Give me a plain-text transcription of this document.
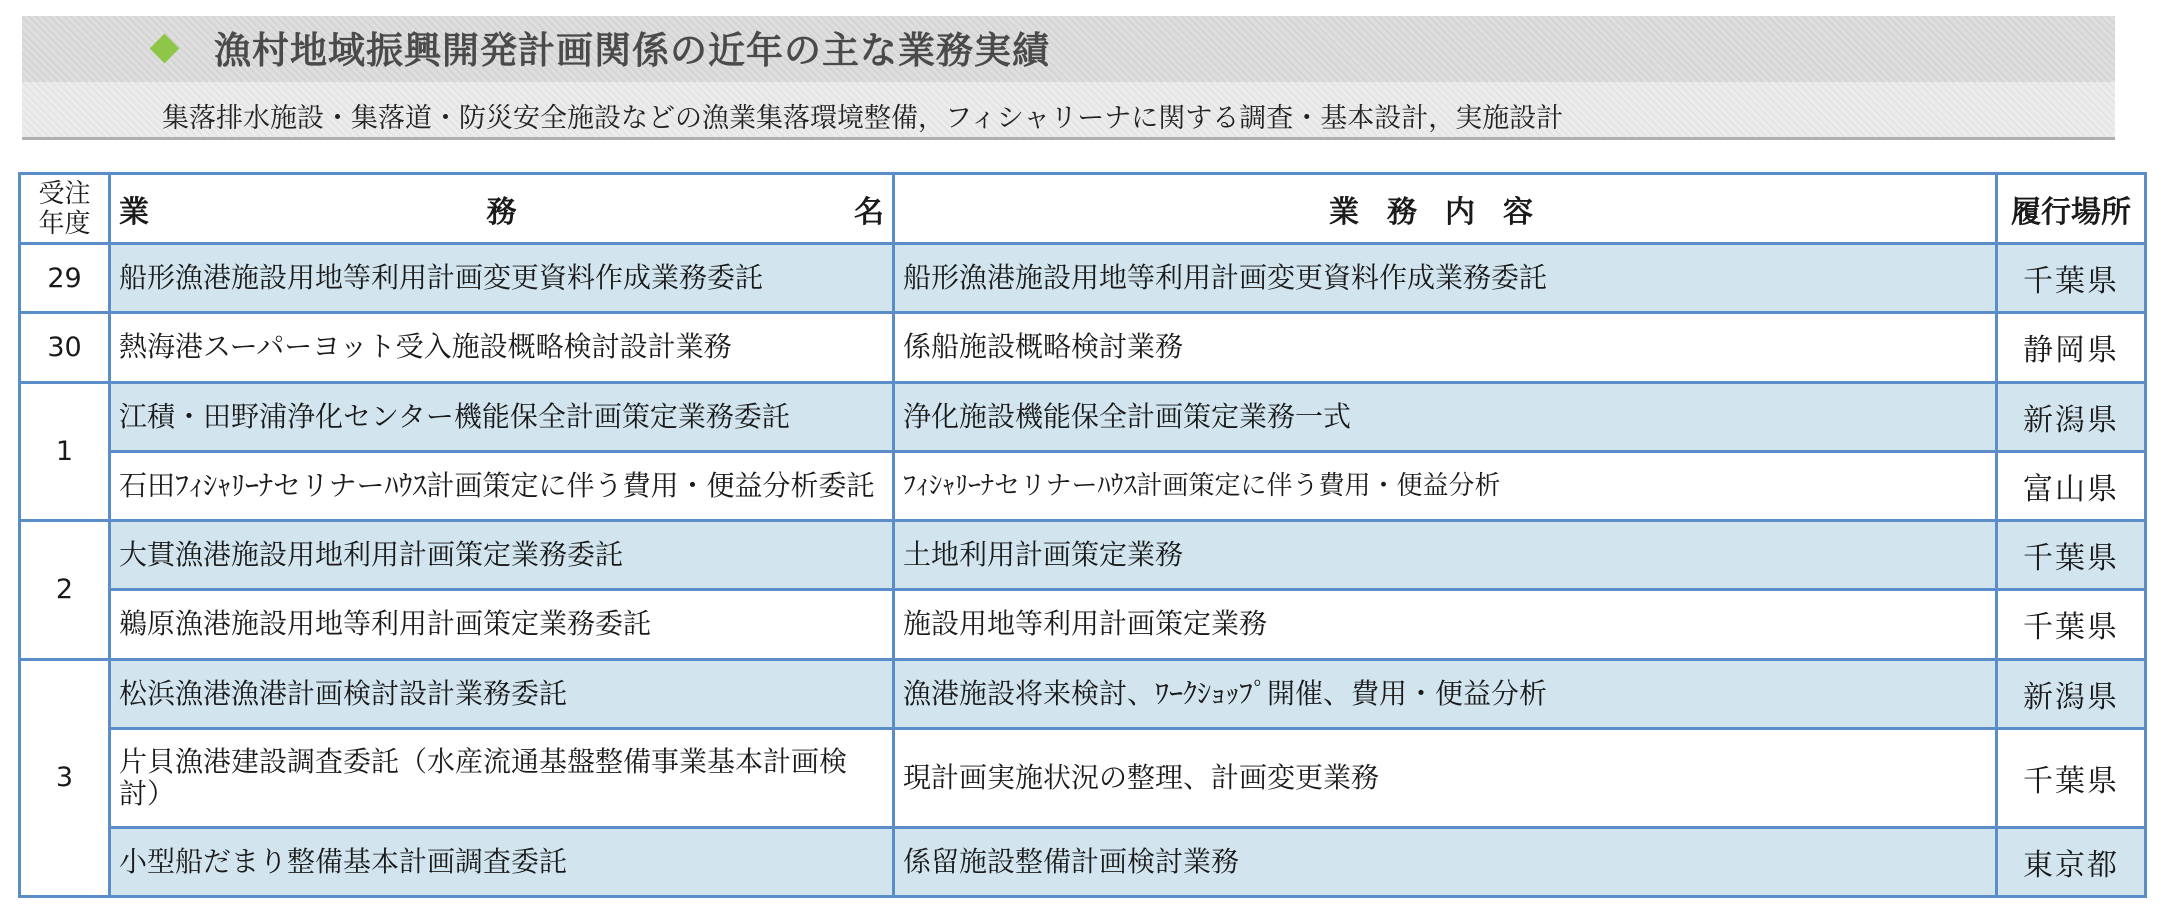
漁村地域振興開発計画関係の近年の主な業務実績
集落排水施設・集落道・防災安全施設などの漁業集落環境整備，フィシャリーナに関する調査・基本設計，実施設計
受注
年度	業 務 名	業務内容	履行場所
29	船形漁港施設用地等利用計画変更資料作成業務委託	船形漁港施設用地等利用計画変更資料作成業務委託	千葉県
30	熱海港スーパーヨット受入施設概略検討設計業務	係船施設概略検討業務	静岡県
1	江積・田野浦浄化センター機能保全計画策定業務委託	浄化施設機能保全計画策定業務一式	新潟県
	石田ﾌｨｼｬﾘｰﾅセリナーﾊｳｽ計画策定に伴う費用・便益分析委託	ﾌｨｼｬﾘｰﾅセリナーﾊｳｽ計画策定に伴う費用・便益分析	富山県
2	大貫漁港施設用地利用計画策定業務委託	土地利用計画策定業務	千葉県
	鵜原漁港施設用地等利用計画策定業務委託	施設用地等利用計画策定業務	千葉県
3	松浜漁港漁港計画検討設計業務委託	漁港施設将来検討、ﾜｰｸｼｮｯﾌﾟ開催、費用・便益分析	新潟県
	片貝漁港建設調査委託（水産流通基盤整備事業基本計画検討）	現計画実施状況の整理、計画変更業務	千葉県
	小型船だまり整備基本計画調査委託	係留施設整備計画検討業務	東京都
